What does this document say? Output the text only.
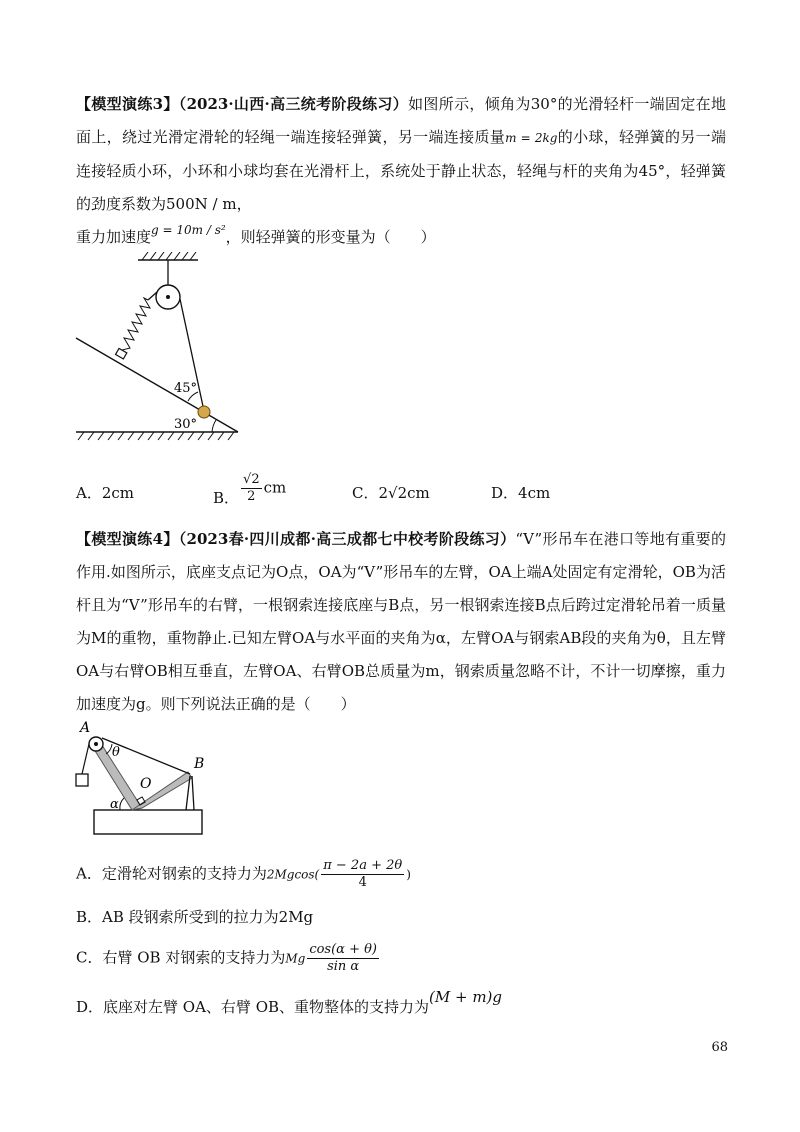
【模型演练3】（2023·山西·高三统考阶段练习）如图所示，倾角为30°的光滑轻杆一端固定在地面上，绕过光滑定滑轮的轻绳一端连接轻弹簧，另一端连接质量m = 2kg的小球，轻弹簧的另一端连接轻质小环，小环和小球均套在光滑杆上，系统处于静止状态，轻绳与杆的夹角为45°，轻弹簧的劲度系数为500N / m，
重力加速度$^{g = 10m / s^2}$，则轻弹簧的形变量为（　　）
45°
30°
A．2cm	B． $\frac{√2}{2}$ cm	C．2√2cm	D．4cm
【模型演练4】（2023春·四川成都·高三成都七中校考阶段练习）“V”形吊车在港口等地有重要的作用.如图所示，底座支点记为O点，OA为“V”形吊车的左臂，OA上端A处固定有定滑轮，OB为活杆且为“V”形吊车的右臂，一根钢索连接底座与B点，另一根钢索连接B点后跨过定滑轮吊着一质量为M的重物，重物静止.已知左臂OA与水平面的夹角为α，左臂OA与钢索AB段的夹角为θ，且左臂OA与右臂OB相互垂直，左臂OA、右臂OB总质量为m，钢索质量忽略不计，不计一切摩擦，重力加速度为g。则下列说法正确的是（　　）
A
B
O
θ
α
A．定滑轮对钢索的支持力为$2Mgcos( \frac{\pi - 2a + 2\theta}{4}$ )
B．AB 段钢索所受到的拉力为2Mg
C．右臂 OB 对钢索的支持力为Mg $\frac{\cos(\alpha + \theta)}{\text{sin α}}$
D．底座对左臂 OA、右臂 OB、重物整体的支持力为(M + m)g
68
